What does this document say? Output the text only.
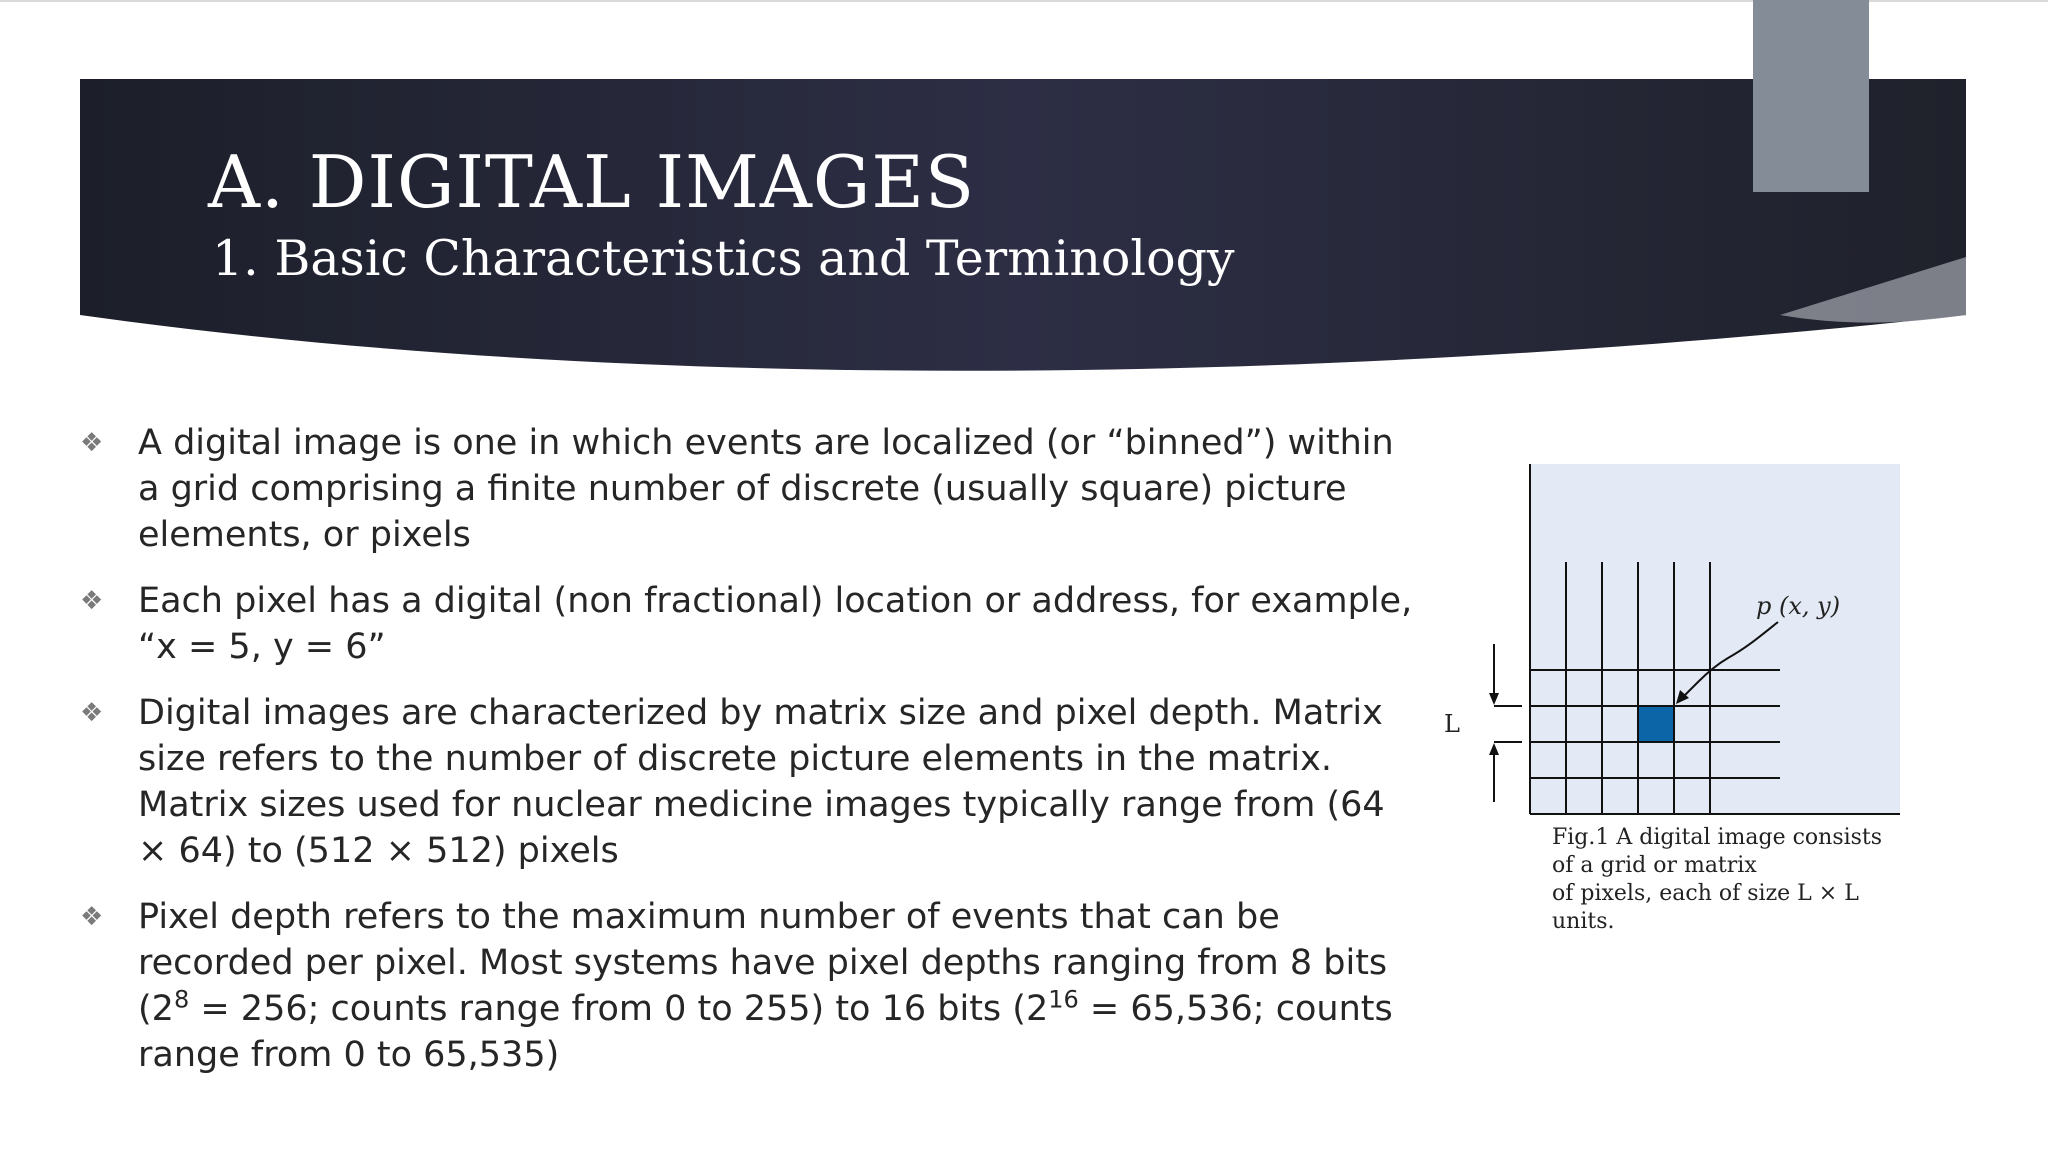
A. DIGITAL IMAGES
1. Basic Characteristics and Terminology
❖ A digital image is one in which events are localized (or “binned”) within a grid comprising a finite number of discrete (usually square) picture elements, or pixels
❖ Each pixel has a digital (non fractional) location or address, for example, “x = 5, y = 6”
❖ Digital images are characterized by matrix size and pixel depth. Matrix size refers to the number of discrete picture elements in the matrix. Matrix sizes used for nuclear medicine images typically range from (64 × 64) to (512 × 512) pixels
❖ Pixel depth refers to the maximum number of events that can be recorded per pixel. Most systems have pixel depths ranging from 8 bits ($2^8 = 256$; counts range from 0 to 255) to 16 bits ($2^{16} = 65,536$; counts range from 0 to 65,535)
p (x, y)
L
Fig.1 A digital image consists
of a grid or matrix
of pixels, each of size L × L
units.
